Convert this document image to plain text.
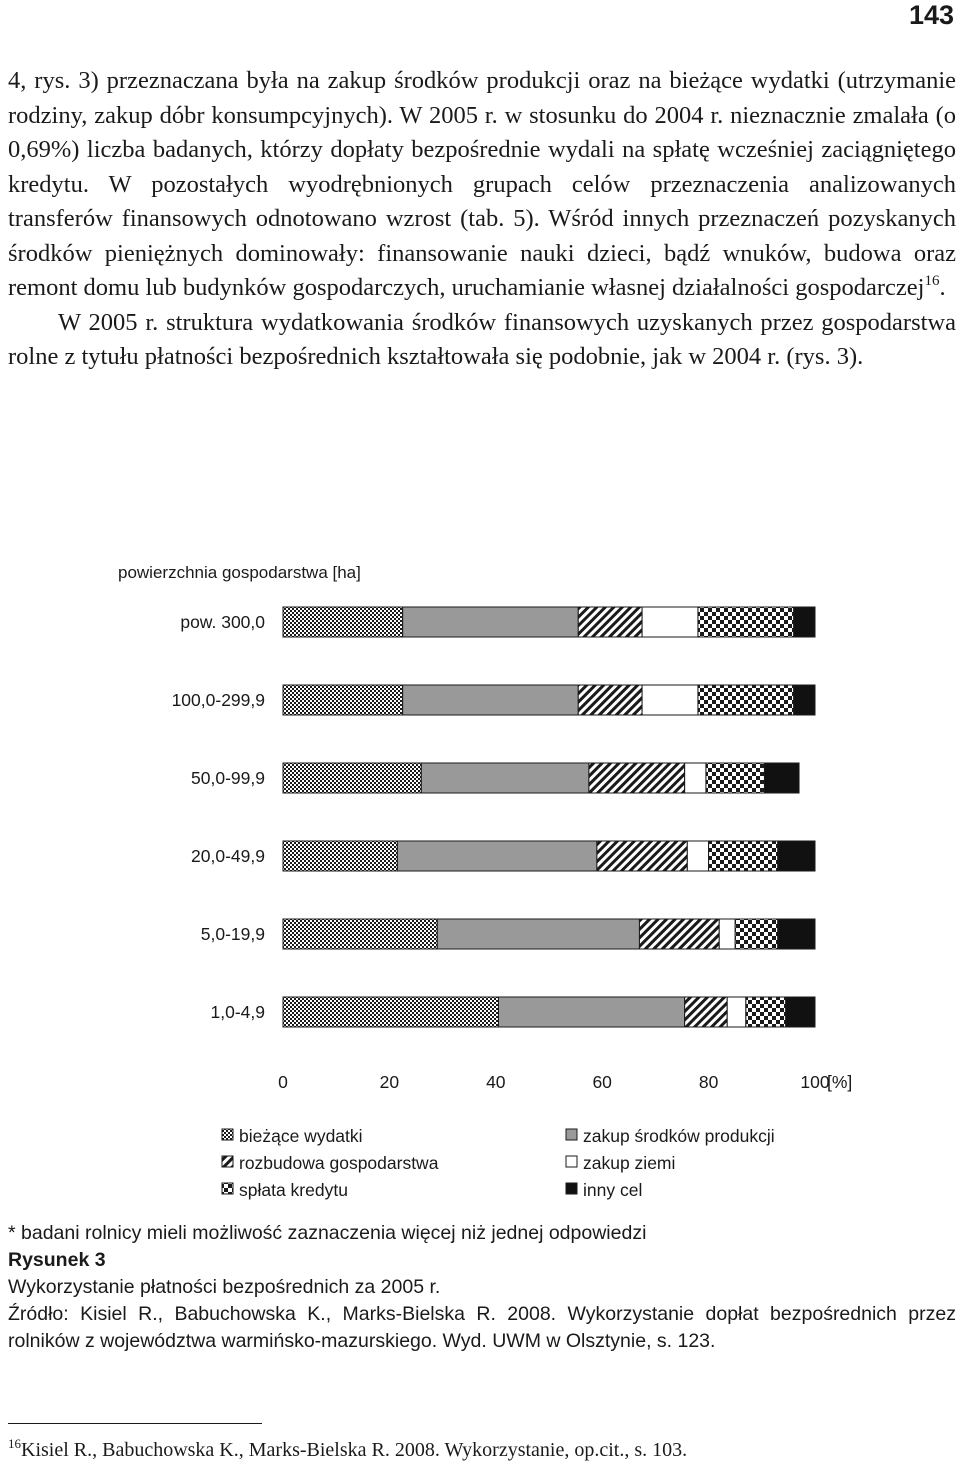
143

4, rys. 3) przeznaczana była na zakup środków produkcji oraz na bieżące wydatki (utrzymanie rodziny, zakup dóbr konsumpcyjnych). W 2005 r. w stosunku do 2004 r. nieznacznie zmalała (o 0,69%) liczba badanych, którzy dopłaty bezpośrednie wydali na spłatę wcześniej zaciągniętego kredytu. W pozostałych wyodrębnionych grupach celów przeznaczenia analizowanych transferów finansowych odnotowano wzrost (tab. 5). Wśród innych przeznaczeń pozyskanych środków pieniężnych dominowały: finansowanie nauki dzieci, bądź wnuków, budowa oraz remont domu lub budynków gospodarczych, uruchamianie własnej działalności gospodarczej$^{16}$.

W 2005 r. struktura wydatkowania środków finansowych uzyskanych przez gospodarstwa rolne z tytułu płatności bezpośrednich kształtowała się podobnie, jak w 2004 r. (rys. 3).

powierzchnia gospodarstwa [ha]
pow. 300,0
100,0-299,9
50,0-99,9
20,0-49,9
5,0-19,9
1,0-4,9
0	20	40	60	80	100
[%]
bieżące wydatki	zakup środków produkcji
rozbudowa gospodarstwa	zakup ziemi
spłata kredytu	inny cel

* badani rolnicy mieli możliwość zaznaczenia więcej niż jednej odpowiedzi

Rysunek 3

Wykorzystanie płatności bezpośrednich za 2005 r.

Źródło: Kisiel R., Babuchowska K., Marks-Bielska R. 2008. Wykorzystanie dopłat bezpośrednich przez rolników z województwa warmińsko-mazurskiego. Wyd. UWM w Olsztynie, s. 123.

$^{16}$Kisiel R., Babuchowska K., Marks-Bielska R. 2008. Wykorzystanie, op.cit., s. 103.
